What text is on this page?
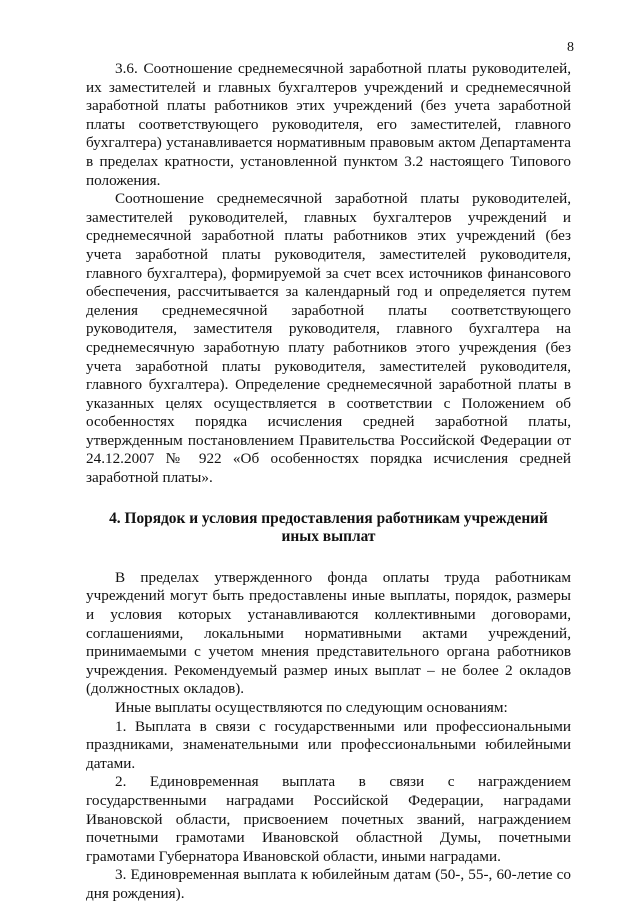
8

3.6. Соотношение среднемесячной заработной платы руководителей, их заместителей и главных бухгалтеров учреждений и среднемесячной заработной платы работников этих учреждений (без учета заработной платы соответствующего руководителя, его заместителей, главного бухгалтера) устанавливается нормативным правовым актом Департамента в пределах кратности, установленной пунктом 3.2 настоящего Типового положения.

Соотношение среднемесячной заработной платы руководителей, заместителей руководителей, главных бухгалтеров учреждений и среднемесячной заработной платы работников этих учреждений (без учета заработной платы руководителя, заместителей руководителя, главного бухгалтера), формируемой за счет всех источников финансового обеспечения, рассчитывается за календарный год и определяется путем деления среднемесячной заработной платы соответствующего руководителя, заместителя руководителя, главного бухгалтера на среднемесячную заработную плату работников этого учреждения (без учета заработной платы руководителя, заместителей руководителя, главного бухгалтера). Определение среднемесячной заработной платы в указанных целях осуществляется в соответствии с Положением об особенностях порядка исчисления средней заработной платы, утвержденным постановлением Правительства Российской Федерации от 24.12.2007 № 922 «Об особенностях порядка исчисления средней заработной платы».

4. Порядок и условия предоставления работникам учреждений
иных выплат

В пределах утвержденного фонда оплаты труда работникам учреждений могут быть предоставлены иные выплаты, порядок, размеры и условия которых устанавливаются коллективными договорами, соглашениями, локальными нормативными актами учреждений, принимаемыми с учетом мнения представительного органа работников учреждения. Рекомендуемый размер иных выплат – не более 2 окладов (должностных окладов).

Иные выплаты осуществляются по следующим основаниям:

1. Выплата в связи с государственными или профессиональными праздниками, знаменательными или профессиональными юбилейными датами.

2. Единовременная выплата в связи с награждением государственными наградами Российской Федерации, наградами Ивановской области, присвоением почетных званий, награждением почетными грамотами Ивановской областной Думы, почетными грамотами Губернатора Ивановской области, иными наградами.

3. Единовременная выплата к юбилейным датам (50-, 55-, 60-летие со дня рождения).
